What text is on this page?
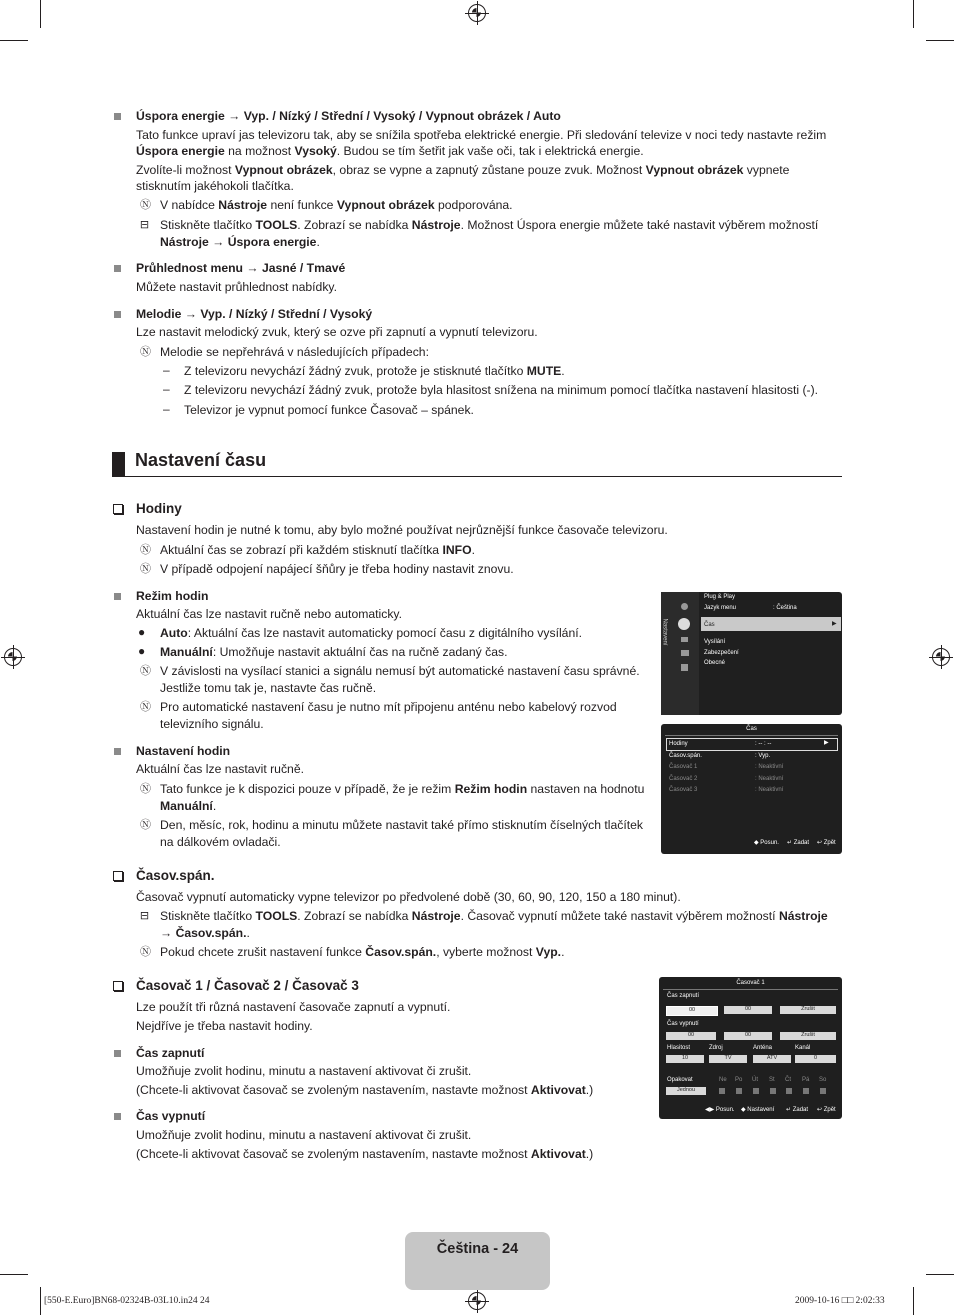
Úspora energie → Vyp. / Nízký / Střední / Vysoký / Vypnout obrázek / Auto
Tato funkce upraví jas televizoru tak, aby se snížila spotřeba elektrické energie. Při sledování televize v noci tedy nastavte režim
Úspora energie na možnost Vysoký. Budou se tím šetřit jak vaše oči, tak i elektrická energie.
Zvolíte-li možnost Vypnout obrázek, obraz se vypne a zapnutý zůstane pouze zvuk. Možnost Vypnout obrázek vypnete
stisknutím jakéhokoli tlačítka.
Ⓝ V nabídce Nástroje není funkce Vypnout obrázek podporována.
⊟ Stiskněte tlačítko TOOLS. Zobrazí se nabídka Nástroje. Možnost Úspora energie můžete také nastavit výběrem možností
Nástroje → Úspora energie.
Průhlednost menu → Jasné / Tmavé
Můžete nastavit průhlednost nabídky.
Melodie → Vyp. / Nízký / Střední / Vysoký
Lze nastavit melodický zvuk, který se ozve při zapnutí a vypnutí televizoru.
Ⓝ Melodie se nepřehrává v následujících případech:
– Z televizoru nevychází žádný zvuk, protože je stisknuté tlačítko MUTE.
– Z televizoru nevychází žádný zvuk, protože byla hlasitost snížena na minimum pomocí tlačítka nastavení hlasitosti (-).
– Televizor je vypnut pomocí funkce Časovač – spánek.
Nastavení času
Hodiny
Nastavení hodin je nutné k tomu, aby bylo možné používat nejrůznější funkce časovače televizoru.
Ⓝ Aktuální čas se zobrazí při každém stisknutí tlačítka INFO.
Ⓝ V případě odpojení napájecí šňůry je třeba hodiny nastavit znovu.
Režim hodin
Aktuální čas lze nastavit ručně nebo automaticky.
● Auto: Aktuální čas lze nastavit automaticky pomocí času z digitálního vysílání.
● Manuální: Umožňuje nastavit aktuální čas na ručně zadaný čas.
Ⓝ V závislosti na vysílací stanici a signálu nemusí být automatické nastavení času správné.
Jestliže tomu tak je, nastavte čas ručně.
Ⓝ Pro automatické nastavení času je nutno mít připojenu anténu nebo kabelový rozvod
televizního signálu.
Nastavení hodin
Aktuální čas lze nastavit ručně.
Ⓝ Tato funkce je k dispozici pouze v případě, že je režim Režim hodin nastaven na hodnotu
Manuální.
Ⓝ Den, měsíc, rok, hodinu a minutu můžete nastavit také přímo stisknutím číselných tlačítek
na dálkovém ovladači.
Časov.spán.
Časovač vypnutí automaticky vypne televizor po předvolené době (30, 60, 90, 120, 150 a 180 minut).
⊟ Stiskněte tlačítko TOOLS. Zobrazí se nabídka Nástroje. Časovač vypnutí můžete také nastavit výběrem možností Nástroje
→ Časov.spán..
Ⓝ Pokud chcete zrušit nastavení funkce Časov.spán., vyberte možnost Vyp..
Časovač 1 / Časovač 2 / Časovač 3
Lze použít tři různá nastavení časovače zapnutí a vypnutí.
Nejdříve je třeba nastavit hodiny.
Čas zapnutí
Umožňuje zvolit hodinu, minutu a nastavení aktivovat či zrušit.
(Chcete-li aktivovat časovač se zvoleným nastavením, nastavte možnost Aktivovat.)
Čas vypnutí
Umožňuje zvolit hodinu, minutu a nastavení aktivovat či zrušit.
(Chcete-li aktivovat časovač se zvoleným nastavením, nastavte možnost Aktivovat.)
Nastavení
Plug & Play
Jazyk menu	: Čeština
Čas	▶
Vysílání
Zabezpečení
Obecné
Čas
Hodiny	: -- : --	▶
Časov.spán.	: Vyp.
Časovač 1	: Neaktivní
Časovač 2	: Neaktivní
Časovač 3	: Neaktivní
◆ Posun. ↵ Zadat ↩ Zpět
Časovač 1
Čas zapnutí
00	00	Zrušit
Čas vypnutí
00	00	Zrušit
Hlasitost	Zdroj	Anténa	Kanál
10	TV	ATV	0
Opakovat
Jednou
Ne Po Út St Čt Pá So
◀▶ Posun. ◆ Nastavení ↵ Zadat ↩ Zpět
Čeština - 24
[550-E.Euro]BN68-02324B-03L10.in24 24	2009-10-16 □□ 2:02:33
